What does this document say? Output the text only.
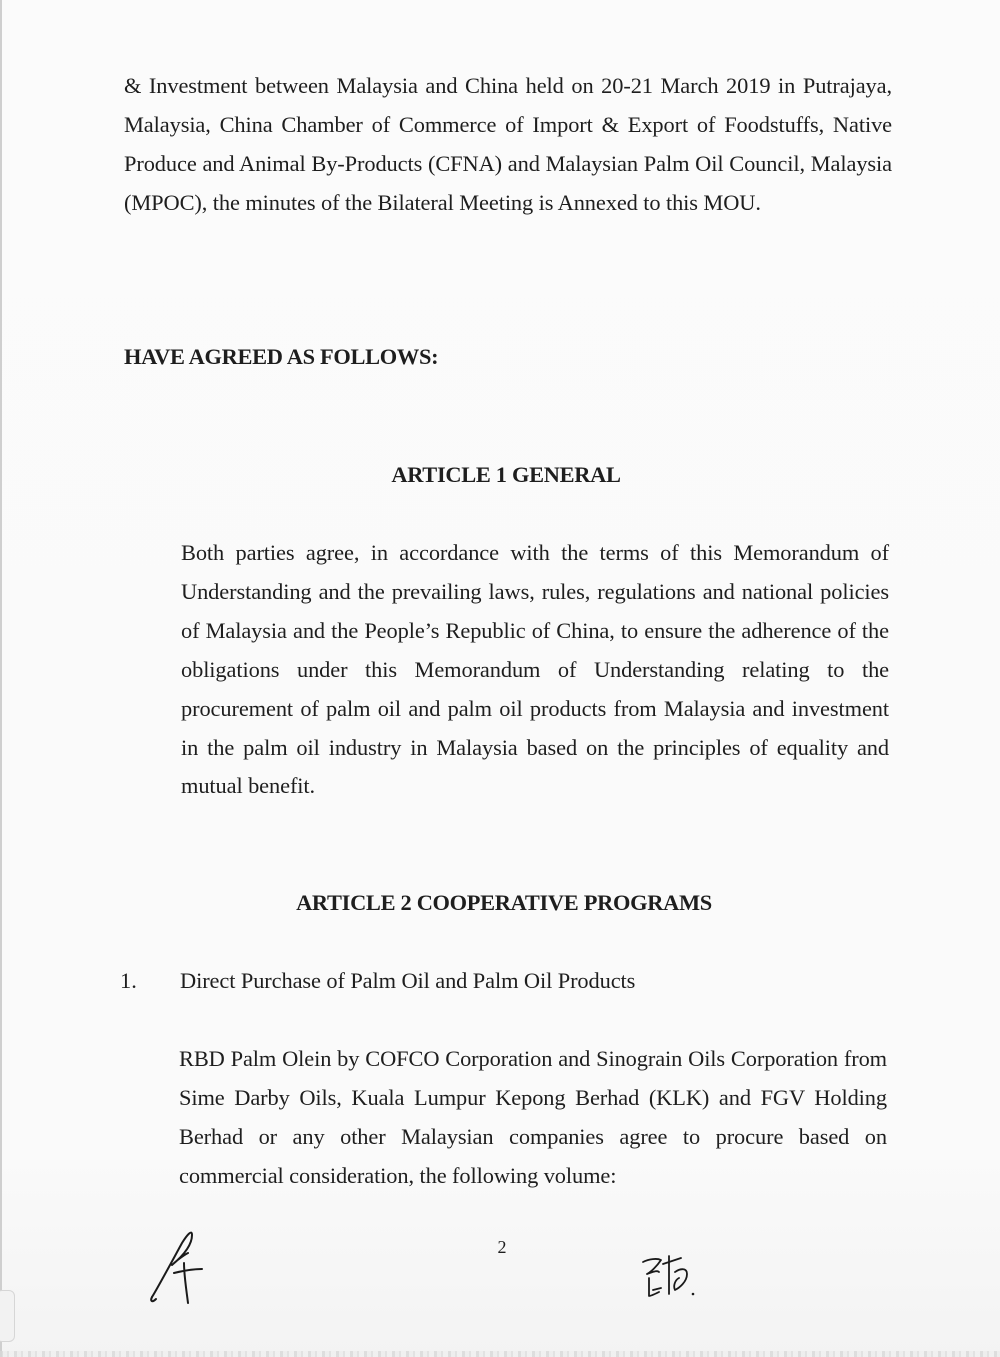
& Investment between Malaysia and China held on 20-21 March 2019 in Putrajaya, Malaysia, China Chamber of Commerce of Import & Export of Foodstuffs, Native Produce and Animal By-Products (CFNA) and Malaysian Palm Oil Council, Malaysia (MPOC), the minutes of the Bilateral Meeting is Annexed to this MOU.

HAVE AGREED AS FOLLOWS:
ARTICLE 1 GENERAL

Both parties agree, in accordance with the terms of this Memorandum of Understanding and the prevailing laws, rules, regulations and national policies of Malaysia and the People’s Republic of China, to ensure the adherence of the obligations under this Memorandum of Understanding relating to the procurement of palm oil and palm oil products from Malaysia and investment in the palm oil industry in Malaysia based on the principles of equality and mutual benefit.

ARTICLE 2 COOPERATIVE PROGRAMS
1. Direct Purchase of Palm Oil and Palm Oil Products

RBD Palm Olein by COFCO Corporation and Sinograin Oils Corporation from Sime Darby Oils, Kuala Lumpur Kepong Berhad (KLK) and FGV Holding Berhad or any other Malaysian companies agree to procure based on commercial consideration, the following volume:

2
